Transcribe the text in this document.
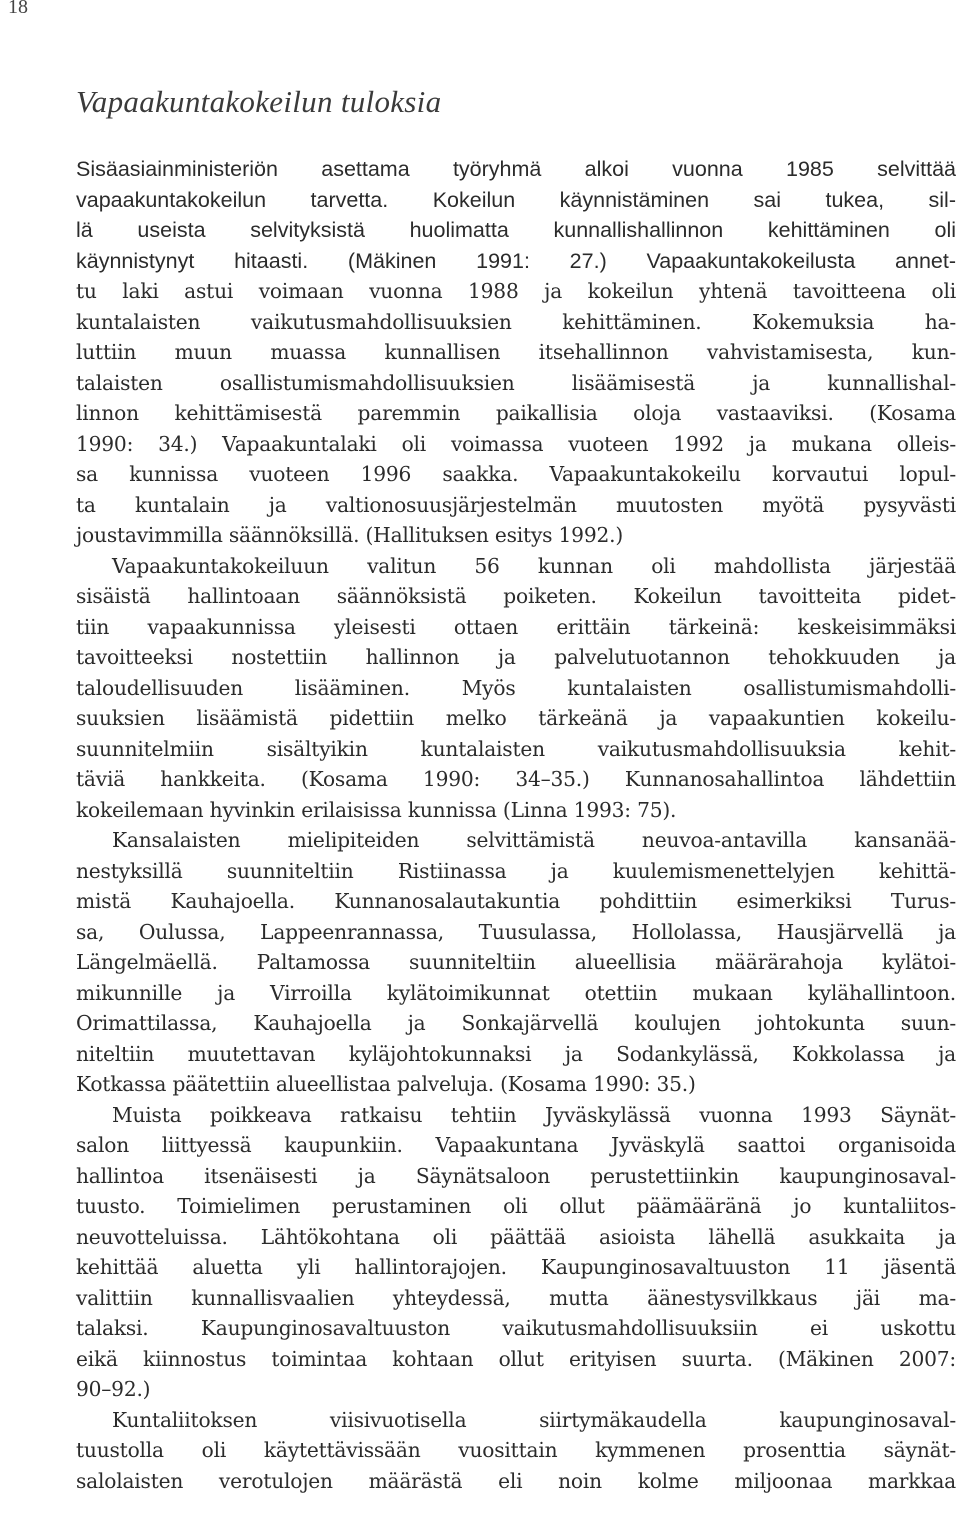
18
Vapaakuntakokeilun tuloksia
Sisäasiainministeriön asettama työryhmä alkoi vuonna 1985 selvittää
vapaakuntakokeilun tarvetta. Kokeilun käynnistäminen sai tukea, sil-
lä useista selvityksistä huolimatta kunnallishallinnon kehittäminen oli
käynnistynyt hitaasti. (Mäkinen 1991: 27.) Vapaakuntakokeilusta annet-
tu laki astui voimaan vuonna 1988 ja kokeilun yhtenä tavoitteena oli
kuntalaisten vaikutusmahdollisuuksien kehittäminen. Kokemuksia ha-
luttiin muun muassa kunnallisen itsehallinnon vahvistamisesta, kun-
talaisten osallistumismahdollisuuksien lisäämisestä ja kunnallishal-
linnon kehittämisestä paremmin paikallisia oloja vastaaviksi. (Kosama
1990: 34.) Vapaakuntalaki oli voimassa vuoteen 1992 ja mukana olleis-
sa kunnissa vuoteen 1996 saakka. Vapaakuntakokeilu korvautui lopul-
ta kuntalain ja valtionosuusjärjestelmän muutosten myötä pysyvästi
joustavimmilla säännöksillä. (Hallituksen esitys 1992.)
Vapaakuntakokeiluun valitun 56 kunnan oli mahdollista järjestää
sisäistä hallintoaan säännöksistä poiketen. Kokeilun tavoitteita pidet-
tiin vapaakunnissa yleisesti ottaen erittäin tärkeinä: keskeisimmäksi
tavoitteeksi nostettiin hallinnon ja palvelutuotannon tehokkuuden ja
taloudellisuuden lisääminen. Myös kuntalaisten osallistumismahdolli-
suuksien lisäämistä pidettiin melko tärkeänä ja vapaakuntien kokeilu-
suunnitelmiin sisältyikin kuntalaisten vaikutusmahdollisuuksia kehit-
täviä hankkeita. (Kosama 1990: 34–35.) Kunnanosahallintoa lähdettiin
kokeilemaan hyvinkin erilaisissa kunnissa (Linna 1993: 75).
Kansalaisten mielipiteiden selvittämistä neuvoa-antavilla kansanää-
nestyksillä suunniteltiin Ristiinassa ja kuulemismenettelyjen kehittä-
mistä Kauhajoella. Kunnanosalautakuntia pohdittiin esimerkiksi Turus-
sa, Oulussa, Lappeenrannassa, Tuusulassa, Hollolassa, Hausjärvellä ja
Längelmäellä. Paltamossa suunniteltiin alueellisia määrärahoja kylätoi-
mikunnille ja Virroilla kylätoimikunnat otettiin mukaan kylähallintoon.
Orimattilassa, Kauhajoella ja Sonkajärvellä koulujen johtokunta suun-
niteltiin muutettavan kyläjohtokunnaksi ja Sodankylässä, Kokkolassa ja
Kotkassa päätettiin alueellistaa palveluja. (Kosama 1990: 35.)
Muista poikkeava ratkaisu tehtiin Jyväskylässä vuonna 1993 Säynät-
salon liittyessä kaupunkiin. Vapaakuntana Jyväskylä saattoi organisoida
hallintoa itsenäisesti ja Säynätsaloon perustettiinkin kaupunginosaval-
tuusto. Toimielimen perustaminen oli ollut päämääränä jo kuntaliitos-
neuvotteluissa. Lähtökohtana oli päättää asioista lähellä asukkaita ja
kehittää aluetta yli hallintorajojen. Kaupunginosavaltuuston 11 jäsentä
valittiin kunnallisvaalien yhteydessä, mutta äänestysvilkkaus jäi ma-
talaksi. Kaupunginosavaltuuston vaikutusmahdollisuuksiin ei uskottu
eikä kiinnostus toimintaa kohtaan ollut erityisen suurta. (Mäkinen 2007:
90–92.)
Kuntaliitoksen viisivuotisella siirtymäkaudella kaupunginosaval-
tuustolla oli käytettävissään vuosittain kymmenen prosenttia säynät-
salolaisten verotulojen määrästä eli noin kolme miljoonaa markkaa
